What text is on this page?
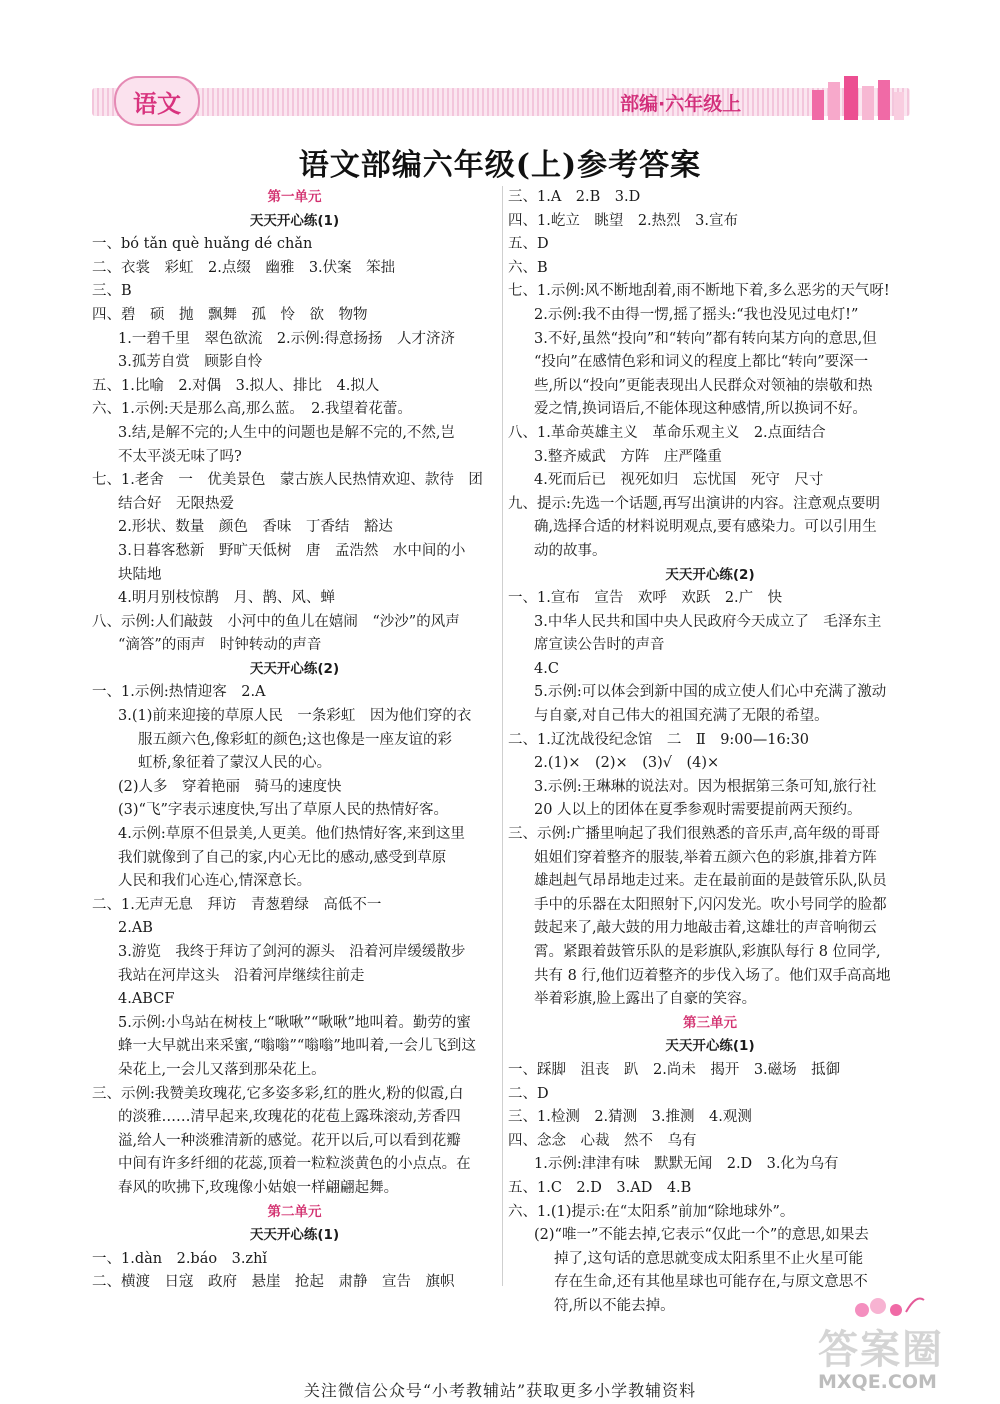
语文	部编·六年级上
语文部编六年级(上)参考答案
第一单元
天天开心练(1)
一、bó tǎn què huǎng dé chǎn
二、衣裳　彩虹　2.点缀　幽雅　3.伏案　笨拙
三、B
四、碧　硕　抛　飘舞　孤　怜　欲　物物
1.一碧千里　翠色欲流　2.示例:得意扬扬　人才济济
3.孤芳自赏　顾影自怜
五、1.比喻　2.对偶　3.拟人、排比　4.拟人
六、1.示例:天是那么高,那么蓝。　2.我望着花蕾。
3.结,是解不完的;人生中的问题也是解不完的,不然,岂
不太平淡无味了吗?
七、1.老舍　一　优美景色　蒙古族人民热情欢迎、款待　团
结合好　无限热爱
2.形状、数量　颜色　香味　丁香结　豁达
3.日暮客愁新　野旷天低树　唐　孟浩然　水中间的小
块陆地
4.明月别枝惊鹊　月、鹊、风、蝉
八、示例:人们敲鼓　小河中的鱼儿在嬉闹　“沙沙”的风声
“滴答”的雨声　时钟转动的声音
天天开心练(2)
一、1.示例:热情迎客　2.A
3.(1)前来迎接的草原人民　一条彩虹　因为他们穿的衣
服五颜六色,像彩虹的颜色;这也像是一座友谊的彩
虹桥,象征着了蒙汉人民的心。
(2)人多　穿着艳丽　骑马的速度快
(3)“飞”字表示速度快,写出了草原人民的热情好客。
4.示例:草原不但景美,人更美。他们热情好客,来到这里
我们就像到了自己的家,内心无比的感动,感受到草原
人民和我们心连心,情深意长。
二、1.无声无息　拜访　青葱碧绿　高低不一
2.AB
3.游览　我终于拜访了剑河的源头　沿着河岸缓缓散步
我站在河岸这头　沿着河岸继续往前走
4.ABCF
5.示例:小鸟站在树枝上“啾啾”“啾啾”地叫着。勤劳的蜜
蜂一大早就出来采蜜,“嗡嗡”“嗡嗡”地叫着,一会儿飞到这
朵花上,一会儿又落到那朵花上。
三、示例:我赞美玫瑰花,它多姿多彩,红的胜火,粉的似霞,白
的淡雅……清早起来,玫瑰花的花苞上露珠滚动,芳香四
溢,给人一种淡雅清新的感觉。花开以后,可以看到花瓣
中间有许多纤细的花蕊,顶着一粒粒淡黄色的小点点。在
春风的吹拂下,玫瑰像小姑娘一样翩翩起舞。
第二单元
天天开心练(1)
一、1.dàn　2.báo　3.zhǐ
二、横渡　日寇　政府　悬崖　抢起　肃静　宣告　旗帜
三、1.A　2.B　3.D
四、1.屹立　眺望　2.热烈　3.宣布
五、D
六、B
七、1.示例:风不断地刮着,雨不断地下着,多么恶劣的天气呀!
2.示例:我不由得一愣,摇了摇头:“我也没见过电灯!”
3.不好,虽然“投向”和“转向”都有转向某方向的意思,但
“投向”在感情色彩和词义的程度上都比“转向”要深一
些,所以“投向”更能表现出人民群众对领袖的崇敬和热
爱之情,换词语后,不能体现这种感情,所以换词不好。
八、1.革命英雄主义　革命乐观主义　2.点面结合
3.整齐威武　方阵　庄严隆重
4.死而后已　视死如归　忘忧国　死守　尺寸
九、提示:先选一个话题,再写出演讲的内容。注意观点要明
确,选择合适的材料说明观点,要有感染力。可以引用生
动的故事。
天天开心练(2)
一、1.宣布　宣告　欢呼　欢跃　2.广　快
3.中华人民共和国中央人民政府今天成立了　毛泽东主
席宣读公告时的声音
4.C
5.示例:可以体会到新中国的成立使人们心中充满了激动
与自豪,对自己伟大的祖国充满了无限的希望。
二、1.辽沈战役纪念馆　二　Ⅱ　9:00—16:30
2.(1)×　(2)×　(3)√　(4)×
3.示例:王琳琳的说法对。因为根据第三条可知,旅行社
20 人以上的团体在夏季参观时需要提前两天预约。
三、示例:广播里响起了我们很熟悉的音乐声,高年级的哥哥
姐姐们穿着整齐的服装,举着五颜六色的彩旗,排着方阵
雄赳赳气昂昂地走过来。走在最前面的是鼓管乐队,队员
手中的乐器在太阳照射下,闪闪发光。吹小号同学的脸都
鼓起来了,敲大鼓的用力地敲击着,这雄壮的声音响彻云
霄。紧跟着鼓管乐队的是彩旗队,彩旗队每行 8 位同学,
共有 8 行,他们迈着整齐的步伐入场了。他们双手高高地
举着彩旗,脸上露出了自豪的笑容。
第三单元
天天开心练(1)
一、踩脚　沮丧　趴　2.尚未　揭开　3.磁场　抵御
二、D
三、1.检测　2.猜测　3.推测　4.观测
四、念念　心裁　然不　乌有
1.示例:津津有味　默默无闻　2.D　3.化为乌有
五、1.C　2.D　3.AD　4.B
六、1.(1)提示:在“太阳系”前加“除地球外”。
(2)“唯一”不能去掉,它表示“仅此一个”的意思,如果去
掉了,这句话的意思就变成太阳系里不止火星可能
存在生命,还有其他星球也可能存在,与原文意思不
符,所以不能去掉。
答案圈
MXQE.COM
关注微信公众号“小考教辅站”获取更多小学教辅资料
